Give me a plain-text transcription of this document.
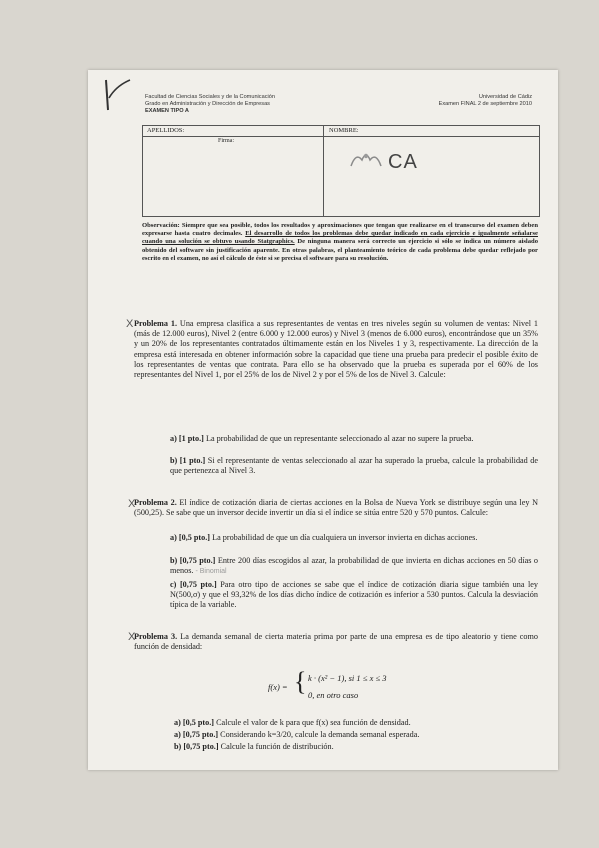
Facultad de Ciencias Sociales y de la Comunicación
Grado en Administración y Dirección de Empresas
EXAMEN TIPO A
Universidad de Cádiz
Examen FINAL 2 de septiembre 2010
APELLIDOS:	NOMBRE:
Firma:
CA
Observación: Siempre que sea posible, todos los resultados y aproximaciones que tengan que realizarse en el transcurso del examen deben expresarse hasta cuatro decimales. El desarrollo de todos los problemas debe quedar indicado en cada ejercicio e igualmente señalarse cuando una solución se obtuvo usando Statgraphics. De ninguna manera será correcto un ejercicio si sólo se indica un número aislado obtenido del software sin justificación aparente. En otras palabras, el planteamiento teórico de cada problema debe quedar reflejado por escrito en el examen, no así el cálculo de éste si se precisa el software para su resolución.
X Problema 1. Una empresa clasifica a sus representantes de ventas en tres niveles según su volumen de ventas: Nivel 1 (más de 12.000 euros), Nivel 2 (entre 6.000 y 12.000 euros) y Nivel 3 (menos de 6.000 euros), encontrándose que un 35% y un 20% de los representantes contratados últimamente están en los Niveles 1 y 3, respectivamente. La dirección de la empresa está interesada en obtener información sobre la capacidad que tiene una prueba para predecir el posible éxito de los representantes de ventas que contrata. Para ello se ha observado que la prueba es superada por el 60% de los representantes del Nivel 1, por el 25% de los de Nivel 2 y por el 5% de los de Nivel 3. Calcule:
a) [1 pto.] La probabilidad de que un representante seleccionado al azar no supere la prueba.
b) [1 pto.] Si el representante de ventas seleccionado al azar ha superado la prueba, calcule la probabilidad de que pertenezca al Nivel 3.
X
Problema 2. El índice de cotización diaria de ciertas acciones en la Bolsa de Nueva York se distribuye según una ley N (500,25). Se sabe que un inversor decide invertir un día si el índice se sitúa entre 520 y 570 puntos. Calcule:
a) [0,5 pto.] La probabilidad de que un día cualquiera un inversor invierta en dichas acciones.
b) [0,75 pto.] Entre 200 días escogidos al azar, la probabilidad de que invierta en dichas acciones en 50 días o menos. - Binomial
c) [0,75 pto.] Para otro tipo de acciones se sabe que el índice de cotización diaria sigue también una ley N(500,σ) y que el 93,32% de los días dicho índice de cotización es inferior a 530 puntos. Calcula la desviación típica de la variable.
X
Problema 3. La demanda semanal de cierta materia prima por parte de una empresa es de tipo aleatorio y tiene como función de densidad:
f(x) = { k · (x² − 1), si 1 ≤ x ≤ 3
0, en otro caso
a) [0,5 pto.] Calcule el valor de k para que f(x) sea función de densidad.
a) [0,75 pto.] Considerando k=3/20, calcule la demanda semanal esperada.
b) [0,75 pto.] Calcule la función de distribución.
